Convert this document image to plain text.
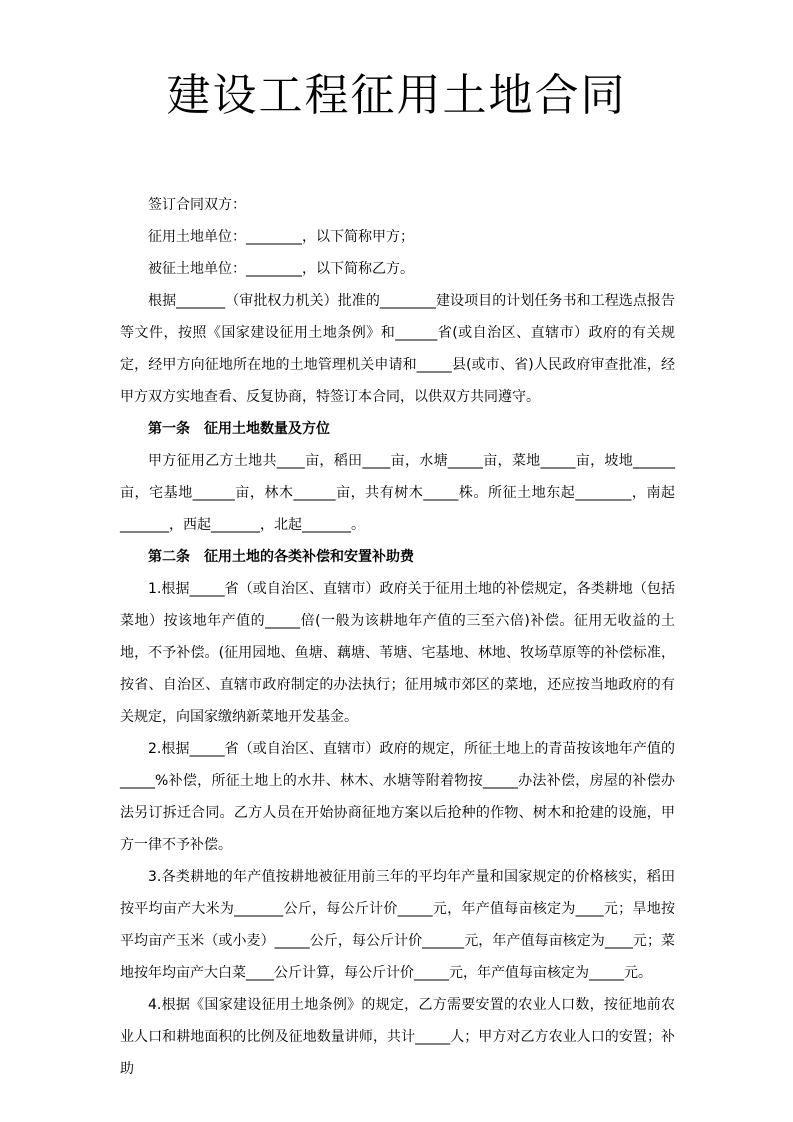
建设工程征用土地合同

签订合同双方：

征用土地单位：________，以下简称甲方；

被征土地单位：________，以下简称乙方。

根据_______（审批权力机关）批准的________建设项目的计划任务书和工程选点报告等文件，按照《国家建设征用土地条例》和______省(或自治区、直辖市）政府的有关规定，经甲方向征地所在地的土地管理机关申请和_____县(或市、省)人民政府审查批准，经甲方双方实地查看、反复协商，特签订本合同，以供双方共同遵守。

第一条　征用土地数量及方位

甲方征用乙方土地共____亩，稻田____亩，水塘_____亩，菜地_____亩，坡地______亩，宅基地______亩，林木______亩，共有树木_____株。所征土地东起________，南起_______，西起_______，北起_______。

第二条　征用土地的各类补偿和安置补助费

1.根据_____省（或自治区、直辖市）政府关于征用土地的补偿规定，各类耕地（包括菜地）按该地年产值的_____倍(一般为该耕地年产值的三至六倍)补偿。征用无收益的土地，不予补偿。(征用园地、鱼塘、藕塘、苇塘、宅基地、林地、牧场草原等的补偿标准，按省、自治区、直辖市政府制定的办法执行；征用城市郊区的菜地，还应按当地政府的有关规定，向国家缴纳新菜地开发基金。

2.根据_____省（或自治区、直辖市）政府的规定，所征土地上的青苗按该地年产值的_____%补偿，所征土地上的水井、林木、水塘等附着物按_____办法补偿，房屋的补偿办法另订拆迁合同。乙方人员在开始协商征地方案以后抢种的作物、树木和抢建的设施，甲方一律不予补偿。

3.各类耕地的年产值按耕地被征用前三年的平均年产量和国家规定的价格核实，稻田按平均亩产大米为_______公斤，每公斤计价_____元，年产值每亩核定为____元；旱地按平均亩产玉米（或小麦）_____公斤，每公斤计价______元，年产值每亩核定为____元；菜地按年均亩产大白菜____公斤计算，每公斤计价_____元，年产值每亩核定为_____元。

4.根据《国家建设征用土地条例》的规定，乙方需要安置的农业人口数，按征地前农业人口和耕地面积的比例及征地数量讲师，共计_____人；甲方对乙方农业人口的安置；补助
